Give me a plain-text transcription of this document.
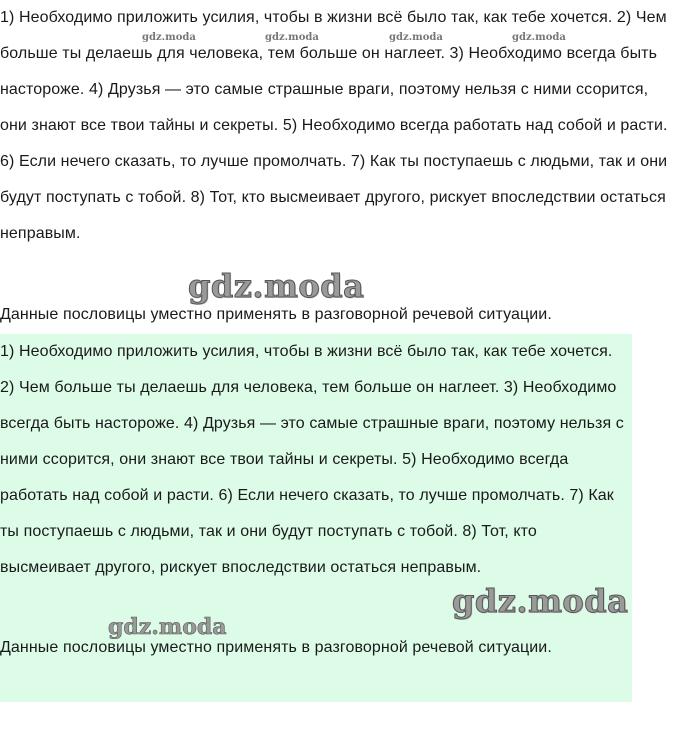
1) Необходимо приложить усилия, чтобы в жизни всё было так, как тебе хочется. 2) Чем больше ты делаешь для человека, тем больше он наглеет. 3) Необходимо всегда быть настороже. 4) Друзья — это самые страшные враги, поэтому нельзя с ними ссорится, они знают все твои тайны и секреты. 5) Необходимо всегда работать над собой и расти. 6) Если нечего сказать, то лучше промолчать. 7) Как ты поступаешь с людьми, так и они будут поступать с тобой. 8) Тот, кто высмеивает другого, рискует впоследствии остаться неправым.

Данные пословицы уместно применять в разговорной речевой ситуации.

1) Необходимо приложить усилия, чтобы в жизни всё было так, как тебе хочется. 2) Чем больше ты делаешь для человека, тем больше он наглеет. 3) Необходимо всегда быть настороже. 4) Друзья — это самые страшные враги, поэтому нельзя с ними ссорится, они знают все твои тайны и секреты. 5) Необходимо всегда работать над собой и расти. 6) Если нечего сказать, то лучше промолчать. 7) Как ты поступаешь с людьми, так и они будут поступать с тобой. 8) Тот, кто высмеивает другого, рискует впоследствии остаться неправым.

Данные пословицы уместно применять в разговорной речевой ситуации.

gdz.moda	gdz.moda	gdz.moda	gdz.moda
gdz.moda
gdz.moda
gdz.moda
